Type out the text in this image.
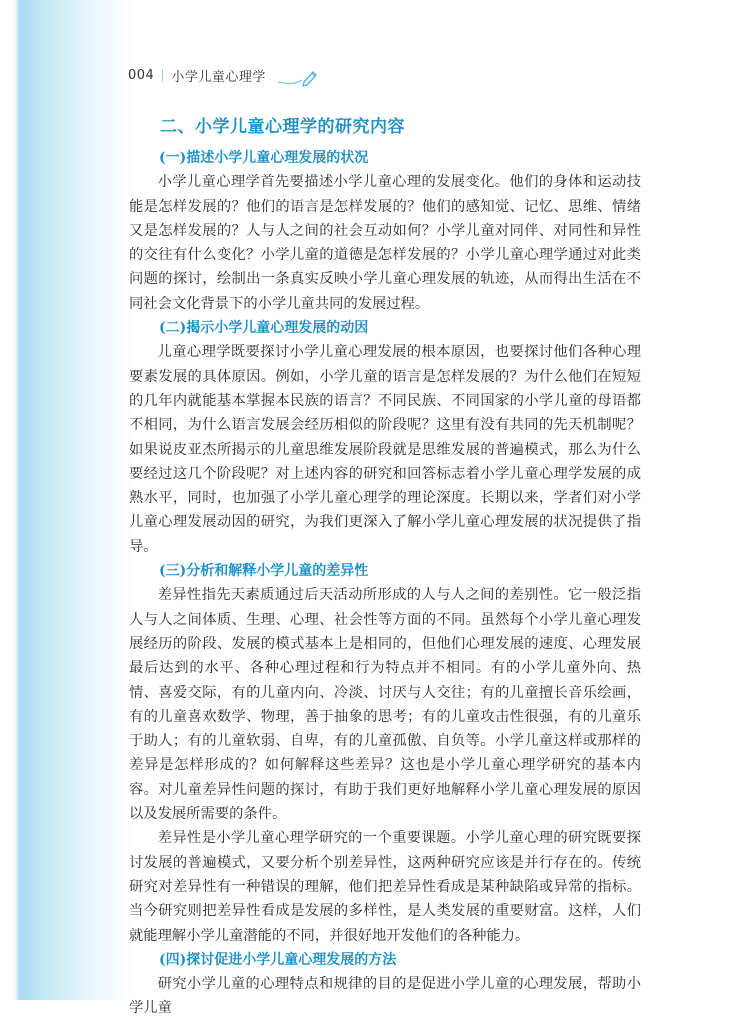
004 小学儿童心理学
二、小学儿童心理学的研究内容
(一)描述小学儿童心理发展的状况

小学儿童心理学首先要描述小学儿童心理的发展变化。他们的身体和运动技能是怎样发展的？他们的语言是怎样发展的？他们的感知觉、记忆、思维、情绪又是怎样发展的？人与人之间的社会互动如何？小学儿童对同伴、对同性和异性的交往有什么变化？小学儿童的道德是怎样发展的？小学儿童心理学通过对此类问题的探讨，绘制出一条真实反映小学儿童心理发展的轨迹，从而得出生活在不同社会文化背景下的小学儿童共同的发展过程。

(二)揭示小学儿童心理发展的动因

儿童心理学既要探讨小学儿童心理发展的根本原因，也要探讨他们各种心理要素发展的具体原因。例如，小学儿童的语言是怎样发展的？为什么他们在短短的几年内就能基本掌握本民族的语言？不同民族、不同国家的小学儿童的母语都不相同，为什么语言发展会经历相似的阶段呢？这里有没有共同的先天机制呢？如果说皮亚杰所揭示的儿童思维发展阶段就是思维发展的普遍模式，那么为什么要经过这几个阶段呢？对上述内容的研究和回答标志着小学儿童心理学发展的成熟水平，同时，也加强了小学儿童心理学的理论深度。长期以来，学者们对小学儿童心理发展动因的研究，为我们更深入了解小学儿童心理发展的状况提供了指导。

(三)分析和解释小学儿童的差异性

差异性指先天素质通过后天活动所形成的人与人之间的差别性。它一般泛指人与人之间体质、生理、心理、社会性等方面的不同。虽然每个小学儿童心理发展经历的阶段、发展的模式基本上是相同的，但他们心理发展的速度、心理发展最后达到的水平、各种心理过程和行为特点并不相同。有的小学儿童外向、热情、喜爱交际，有的儿童内向、冷淡、讨厌与人交往；有的儿童擅长音乐绘画，有的儿童喜欢数学、物理，善于抽象的思考；有的儿童攻击性很强，有的儿童乐于助人；有的儿童软弱、自卑，有的儿童孤傲、自负等。小学儿童这样或那样的差异是怎样形成的？如何解释这些差异？这也是小学儿童心理学研究的基本内容。对儿童差异性问题的探讨，有助于我们更好地解释小学儿童心理发展的原因以及发展所需要的条件。

差异性是小学儿童心理学研究的一个重要课题。小学儿童心理的研究既要探讨发展的普遍模式，又要分析个别差异性，这两种研究应该是并行存在的。传统研究对差异性有一种错误的理解，他们把差异性看成是某种缺陷或异常的指标。当今研究则把差异性看成是发展的多样性，是人类发展的重要财富。这样，人们就能理解小学儿童潜能的不同，并很好地开发他们的各种能力。

(四)探讨促进小学儿童心理发展的方法

研究小学儿童的心理特点和规律的目的是促进小学儿童的心理发展，帮助小学儿童
